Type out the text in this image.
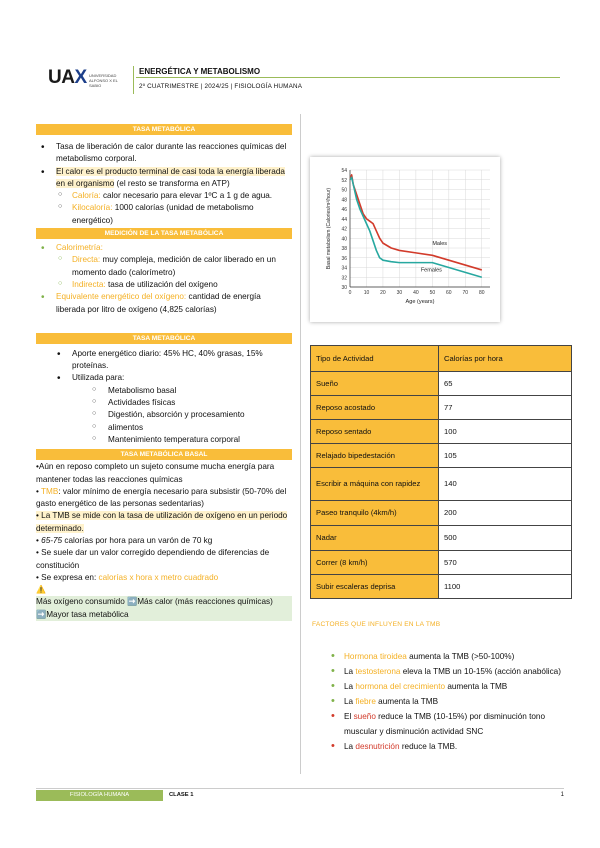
UAX UNIVERSIDAD ALFONSO X EL SABIO
ENERGÉTICA Y METABOLISMO
2º CUATRIMESTRE | 2024/25 | FISIOLOGÍA HUMANA
TASA METABÓLICA
• Tasa de liberación de calor durante las reacciones químicas del metabolismo corporal.
• El calor es el producto terminal de casi toda la energía liberada en el organismo (el resto se transforma en ATP)
○ Caloría: calor necesario para elevar 1ºC a 1 g de agua.
○ Kilocaloría: 1000 calorías (unidad de metabolismo energético)
MEDICIÓN DE LA TASA METABÓLICA
• Calorimetría:
○ Directa: muy compleja, medición de calor liberado en un momento dado (calorímetro)
○ Indirecta: tasa de utilización del oxígeno
• Equivalente energético del oxígeno: cantidad de energía liberada por litro de oxígeno (4,825 calorías)
TASA METABÓLICA
• Aporte energético diario: 45% HC, 40% grasas, 15% proteínas.
• Utilizada para:
○ Metabolismo basal
○ Actividades físicas
○ Digestión, absorción y procesamiento
○ alimentos
○ Mantenimiento temperatura corporal
TASA METABÓLICA BASAL
•Aún en reposo completo un sujeto consume mucha energía para mantener todas las reacciones químicas
• TMB: valor mínimo de energía necesario para subsistir (50-70% del gasto energético de las personas sedentarias)
• La TMB se mide con la tasa de utilización de oxígeno en un periodo determinado.
• 65-75 calorías por hora para un varón de 70 kg
• Se suele dar un valor corregido dependiendo de diferencias de constitución
• Se expresa en: calorías x hora x metro cuadrado
⚠️
Más oxígeno consumido ➡️Más calor (más reacciones químicas) ➡️Mayor tasa metabólica
30
32
34
36
38
40
42
44
46
48
50
52
54
0 10 20 30 40 50 60 70 80
Males
Females
Age (years)
Basal metabolism (Calories/m²/hour)
Tipo de Actividad	Calorías por hora
Sueño	65
Reposo acostado	77
Reposo sentado	100
Relajado bipedestación	105
Escribir a máquina con rapidez	140
Paseo tranquilo (4km/h)	200
Nadar	500
Correr (8 km/h)	570
Subir escaleras deprisa	1100
FACTORES QUE INFLUYEN EN LA TMB
• Hormona tiroidea aumenta la TMB (>50-100%)
• La testosterona eleva la TMB un 10-15% (acción anabólica)
• La hormona del crecimiento aumenta la TMB
• La fiebre aumenta la TMB
• El sueño reduce la TMB (10-15%) por disminución tono muscular y disminución actividad SNC
• La desnutrición reduce la TMB.
FISIOLOGÍA HUMANA	CLASE 1	1
